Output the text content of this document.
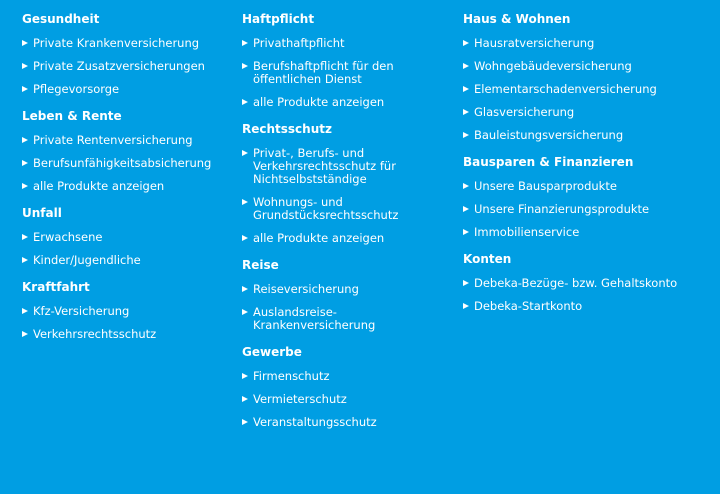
Gesundheit
Private Krankenversicherung
Private Zusatzversicherungen
Pflegevorsorge
Leben & Rente
Private Rentenversicherung
Berufsunfähigkeitsabsicherung
alle Produkte anzeigen
Unfall
Erwachsene
Kinder/Jugendliche
Kraftfahrt
Kfz-Versicherung
Verkehrsrechtsschutz
Haftpflicht
Privathaftpflicht
Berufshaftpflicht für den öffentlichen Dienst
alle Produkte anzeigen
Rechtsschutz
Privat-, Berufs- und Verkehrsrechtsschutz für Nichtselbstständige
Wohnungs- und Grundstücksrechtsschutz
alle Produkte anzeigen
Reise
Reiseversicherung
Auslandsreise-Krankenversicherung
Gewerbe
Firmenschutz
Vermieterschutz
Veranstaltungsschutz
Haus & Wohnen
Hausratversicherung
Wohngebäudeversicherung
Elementarschadenversicherung
Glasversicherung
Bauleistungsversicherung
Bausparen & Finanzieren
Unsere Bausparprodukte
Unsere Finanzierungsprodukte
Immobilienservice
Konten
Debeka-Bezüge- bzw. Gehaltskonto
Debeka-Startkonto
